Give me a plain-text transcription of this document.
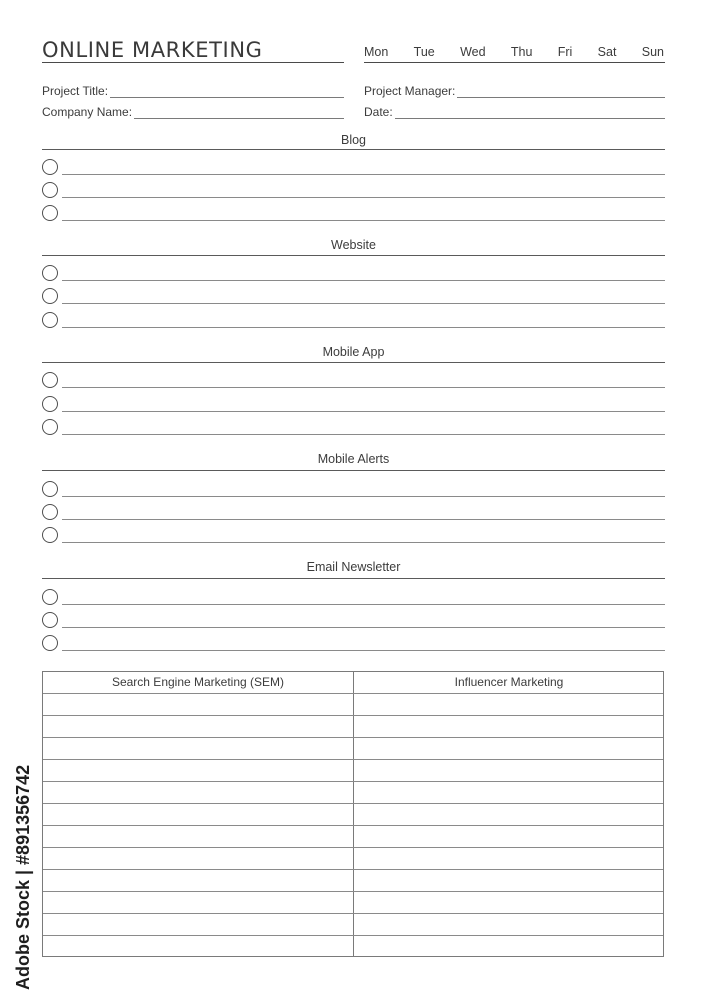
ONLINE MARKETING	Mon Tue Wed Thu Fri Sat Sun
Project Title:
Company Name:
Project Manager:
Date:
Blog
Website
Mobile App
Mobile Alerts
Email Newsletter
Search Engine Marketing (SEM)	Influencer Marketing
Adobe Stock | #891356742
